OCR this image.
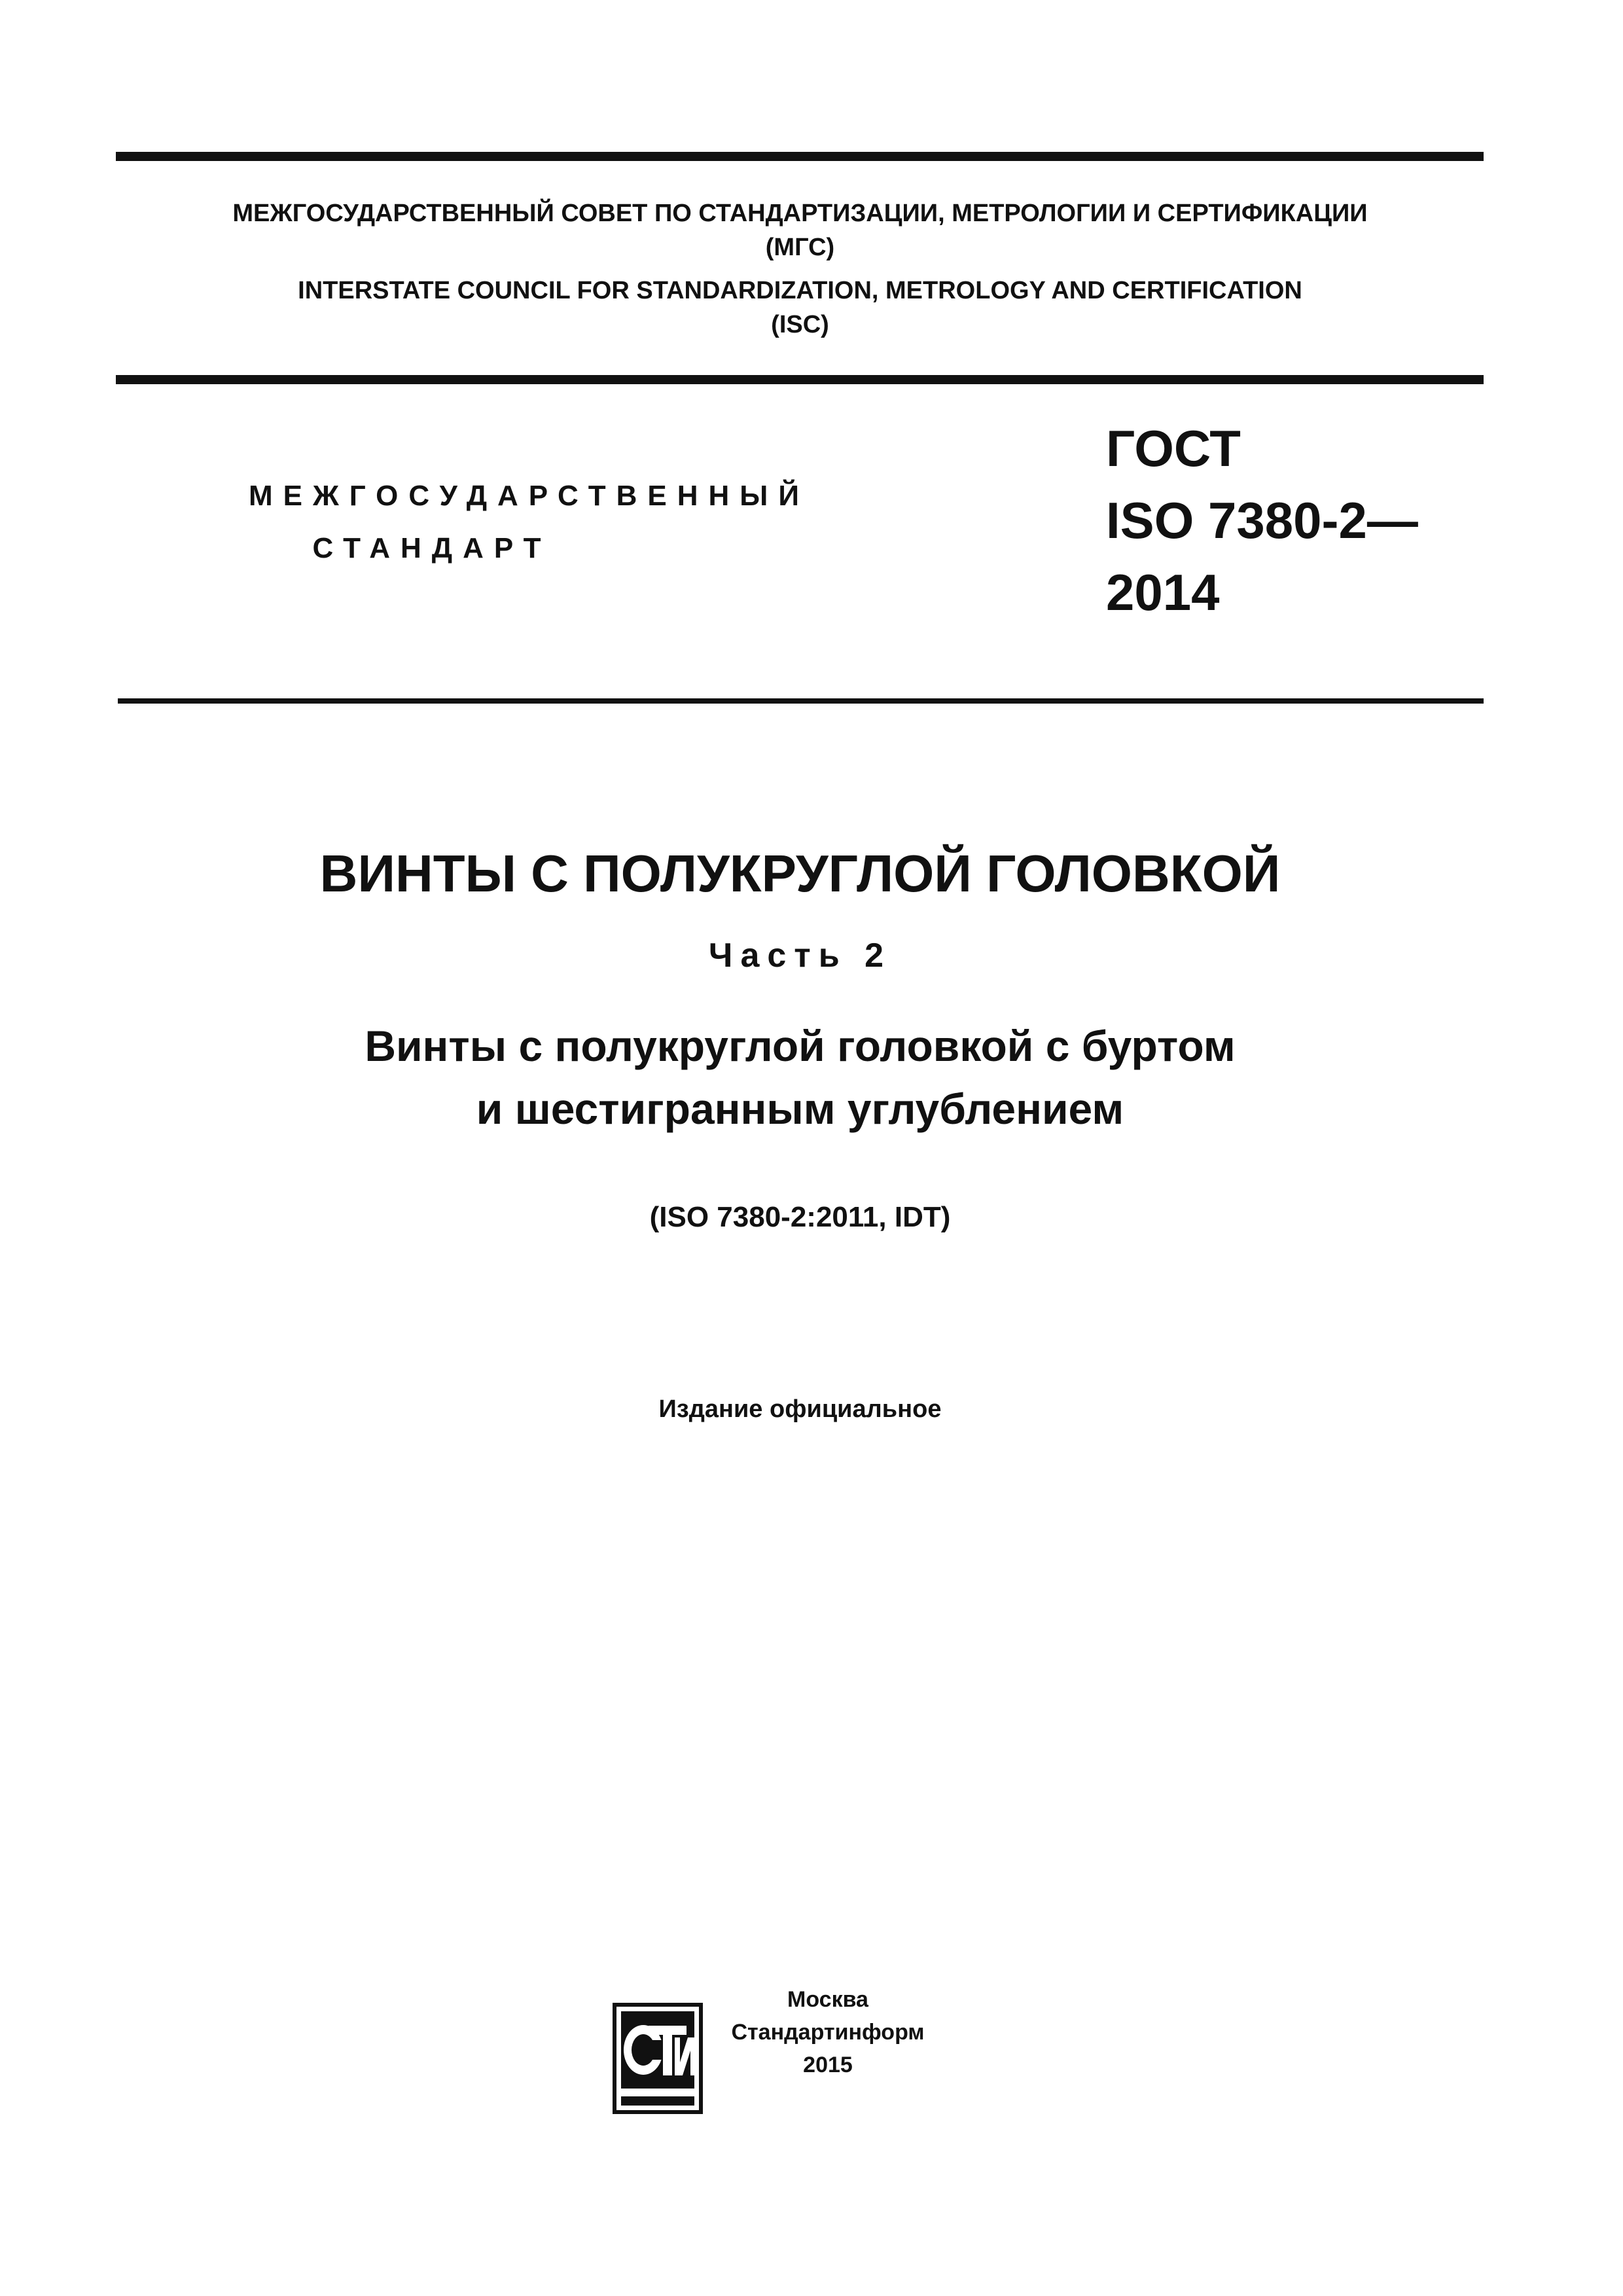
МЕЖГОСУДАРСТВЕННЫЙ СОВЕТ ПО СТАНДАРТИЗАЦИИ, МЕТРОЛОГИИ И СЕРТИФИКАЦИИ
(МГС)
INTERSTATE COUNCIL FOR STANDARDIZATION, METROLOGY AND CERTIFICATION
(ISC)
МЕЖГОСУДАРСТВЕННЫЙ
СТАНДАРТ
ГОСТ
ISO 7380-2—
2014
ВИНТЫ С ПОЛУКРУГЛОЙ ГОЛОВКОЙ
Часть 2
Винты с полукруглой головкой с буртом
и шестигранным углублением
(ISO 7380-2:2011, IDT)
Издание официальное
Москва
Стандартинформ
2015
